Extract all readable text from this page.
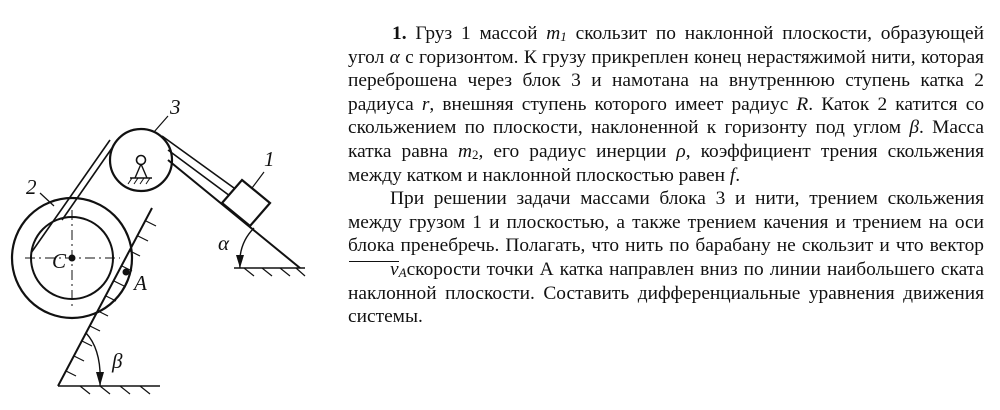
3
1
2
C
A
α
β

1. Груз 1 массой $m_1$ скользит по наклонной плоскости, образующей угол α с горизонтом. К грузу прикреплен конец нерастяжимой нити, которая переброшена через блок 3 и намотана на внутреннюю ступень катка 2 радиуса r, внешняя ступень которого имеет радиус R. Каток 2 катится со скольжением по плоскости, наклоненной к горизонту под углом β. Масса катка равна $m_2$, его радиус инерции ρ, коэффициент трения скольжения между катком и наклонной плоскостью равен f.

При решении задачи массами блока 3 и нити, трением скольжения между грузом 1 и плоскостью, а также трением качения и трением на оси блока пренебречь. Полагать, что нить по барабану не скользит и что вектор $v_Aскорости$ точки А катка направлен вниз по линии наибольшего ската наклонной плоскости. Составить дифференциальные уравнения движения системы.
